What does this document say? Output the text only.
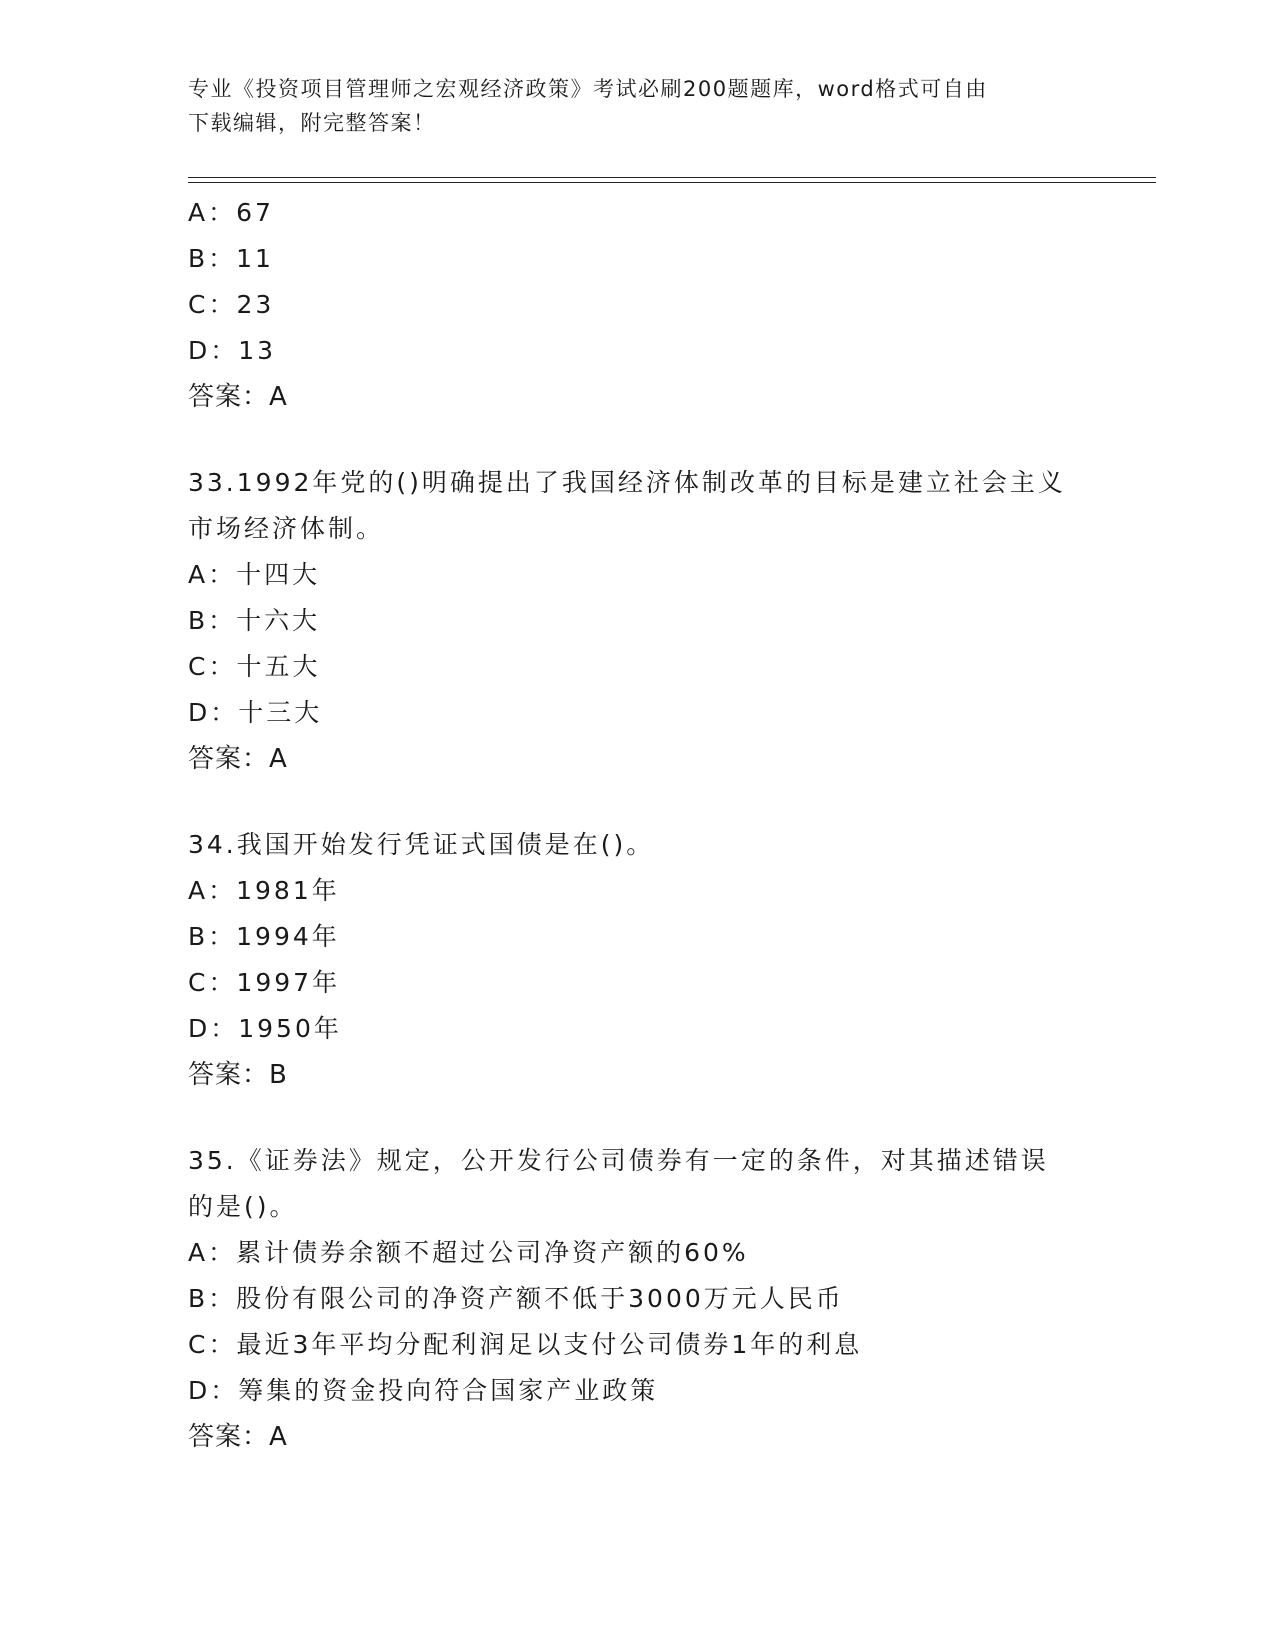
专业《投资项目管理师之宏观经济政策》考试必刷200题题库，word格式可自由
下载编辑，附完整答案！
A：67
B：11
C：23
D：13
答案：A
33.1992年党的()明确提出了我国经济体制改革的目标是建立社会主义
市场经济体制。
A：十四大
B：十六大
C：十五大
D：十三大
答案：A
34.我国开始发行凭证式国债是在()。
A：1981年
B：1994年
C：1997年
D：1950年
答案：B
35.《证券法》规定，公开发行公司债券有一定的条件，对其描述错误
的是()。
A：累计债券余额不超过公司净资产额的60%
B：股份有限公司的净资产额不低于3000万元人民币
C：最近3年平均分配利润足以支付公司债券1年的利息
D：筹集的资金投向符合国家产业政策
答案：A
